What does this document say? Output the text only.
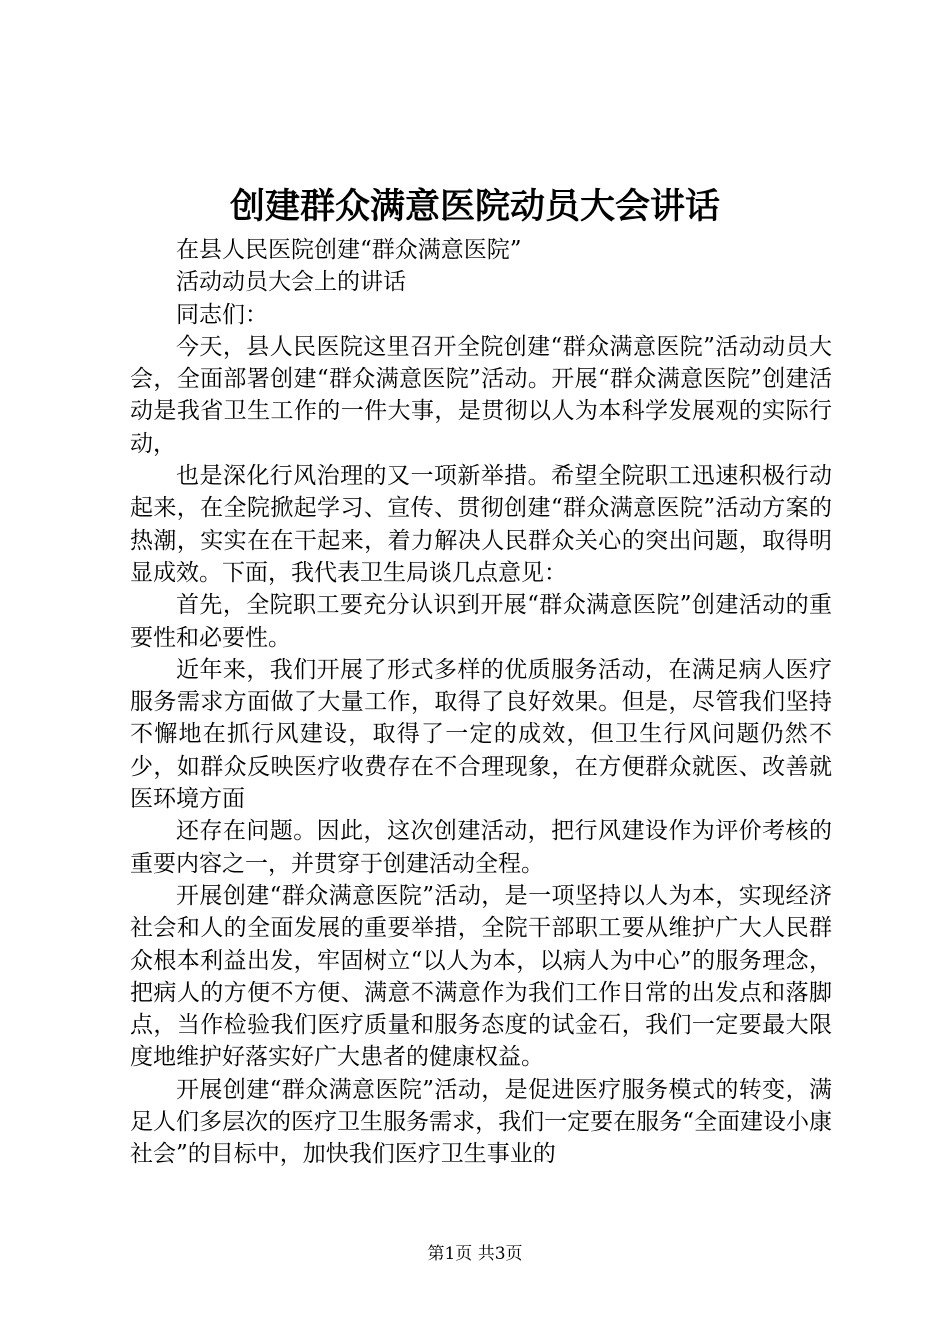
创建群众满意医院动员大会讲话

在县人民医院创建“群众满意医院”

活动动员大会上的讲话

同志们：

今天，县人民医院这里召开全院创建“群众满意医院”活动动员大会，全面部署创建“群众满意医院”活动。开展“群众满意医院”创建活动是我省卫生工作的一件大事，是贯彻以人为本科学发展观的实际行动，

也是深化行风治理的又一项新举措。希望全院职工迅速积极行动起来，在全院掀起学习、宣传、贯彻创建“群众满意医院”活动方案的热潮，实实在在干起来，着力解决人民群众关心的突出问题，取得明显成效。下面，我代表卫生局谈几点意见：

首先，全院职工要充分认识到开展“群众满意医院”创建活动的重要性和必要性。

近年来，我们开展了形式多样的优质服务活动，在满足病人医疗服务需求方面做了大量工作，取得了良好效果。但是，尽管我们坚持不懈地在抓行风建设，取得了一定的成效，但卫生行风问题仍然不少，如群众反映医疗收费存在不合理现象，在方便群众就医、改善就医环境方面

还存在问题。因此，这次创建活动，把行风建设作为评价考核的重要内容之一，并贯穿于创建活动全程。

开展创建“群众满意医院”活动，是一项坚持以人为本，实现经济社会和人的全面发展的重要举措，全院干部职工要从维护广大人民群众根本利益出发，牢固树立“以人为本，以病人为中心”的服务理念，把病人的方便不方便、满意不满意作为我们工作日常的出发点和落脚点，当作检验我们医疗质量和服务态度的试金石，我们一定要最大限度地维护好落实好广大患者的健康权益。

开展创建“群众满意医院”活动，是促进医疗服务模式的转变，满足人们多层次的医疗卫生服务需求，我们一定要在服务“全面建设小康社会”的目标中，加快我们医疗卫生事业的

第1页 共3页
